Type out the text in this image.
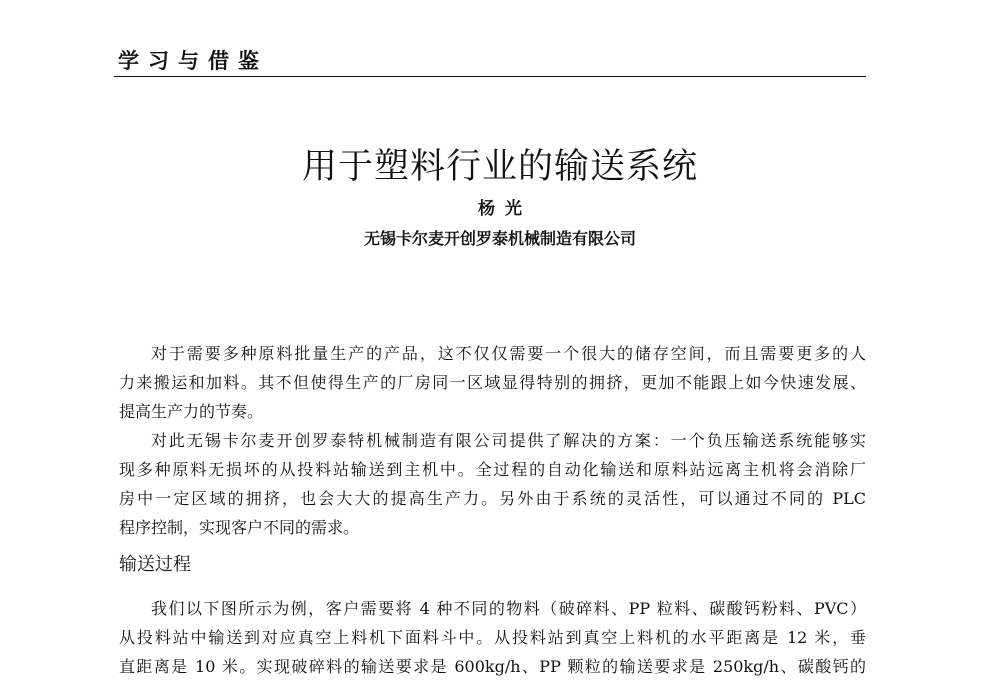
学习与借鉴
用于塑料行业的输送系统
杨光
无锡卡尔麦开创罗泰机械制造有限公司
对于需要多种原料批量生产的产品，这不仅仅需要一个很大的储存空间，而且需要更多的人
力来搬运和加料。其不但使得生产的厂房同一区域显得特别的拥挤，更加不能跟上如今快速发展、
提高生产力的节奏。
对此无锡卡尔麦开创罗泰特机械制造有限公司提供了解决的方案：一个负压输送系统能够实
现多种原料无损坏的从投料站输送到主机中。全过程的自动化输送和原料站远离主机将会消除厂
房中一定区域的拥挤，也会大大的提高生产力。另外由于系统的灵活性，可以通过不同的 PLC
程序控制，实现客户不同的需求。
输送过程
我们以下图所示为例，客户需要将 4 种不同的物料（破碎料、PP 粒料、碳酸钙粉料、PVC）
从投料站中输送到对应真空上料机下面料斗中。从投料站到真空上料机的水平距离是 12 米，垂
直距离是 10 米。实现破碎料的输送要求是 600kg/h、PP 颗粒的输送要求是 250kg/h、碳酸钙的
